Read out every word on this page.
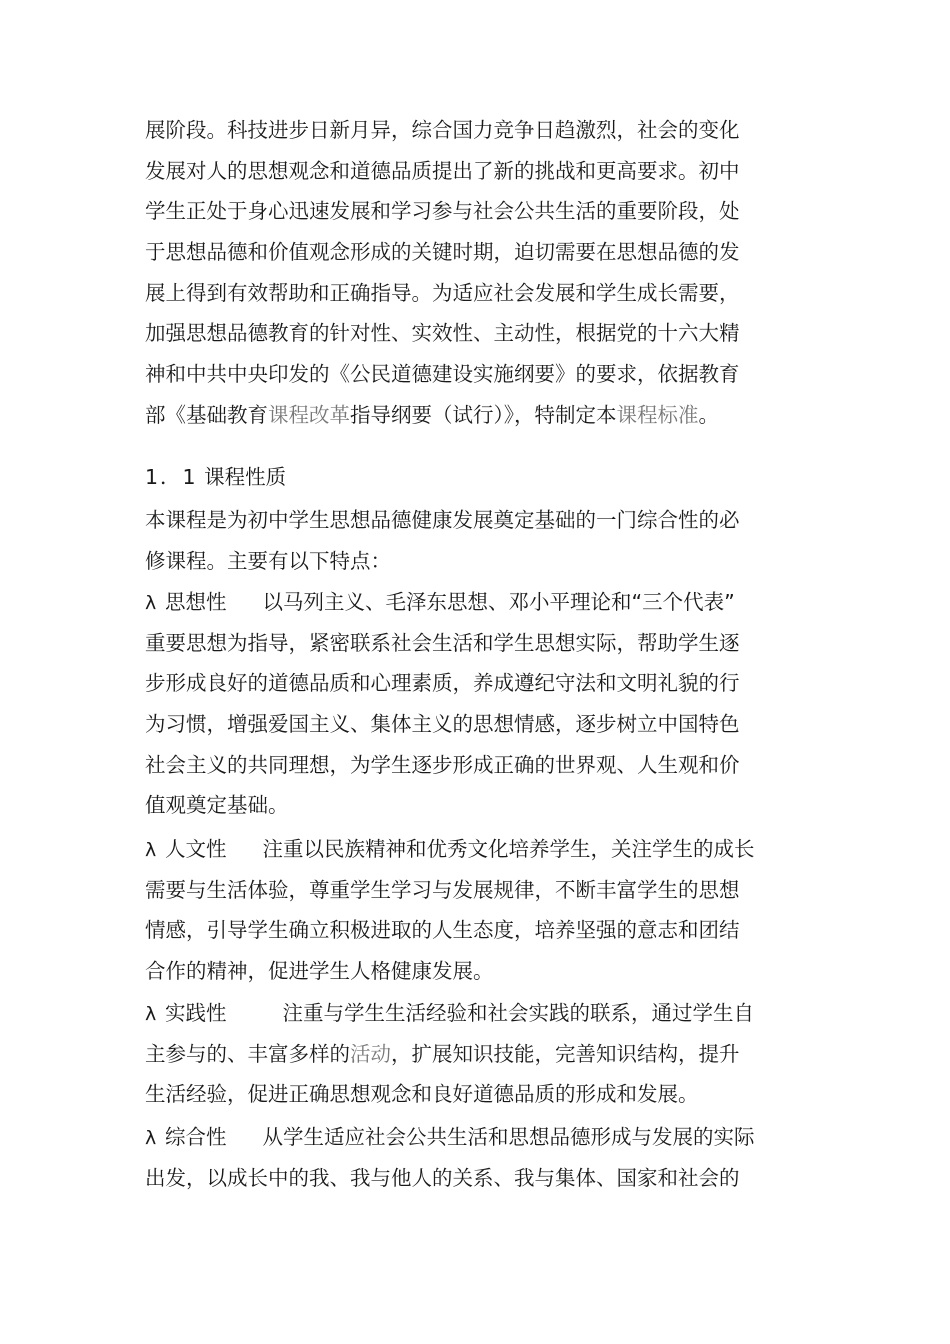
展阶段。科技进步日新月异，综合国力竞争日趋激烈，社会的变化
发展对人的思想观念和道德品质提出了新的挑战和更高要求。初中
学生正处于身心迅速发展和学习参与社会公共生活的重要阶段，处
于思想品德和价值观念形成的关键时期，迫切需要在思想品德的发
展上得到有效帮助和正确指导。为适应社会发展和学生成长需要，
加强思想品德教育的针对性、实效性、主动性，根据党的十六大精
神和中共中央印发的《公民道德建设实施纲要》的要求，依据教育
部《基础教育课程改革指导纲要（试行）》，特制定本课程标准。
1．1 课程性质
本课程是为初中学生思想品德健康发展奠定基础的一门综合性的必
修课程。主要有以下特点：
λ 思想性 以马列主义、毛泽东思想、邓小平理论和“三个代表”
重要思想为指导，紧密联系社会生活和学生思想实际，帮助学生逐
步形成良好的道德品质和心理素质，养成遵纪守法和文明礼貌的行
为习惯，增强爱国主义、集体主义的思想情感，逐步树立中国特色
社会主义的共同理想，为学生逐步形成正确的世界观、人生观和价
值观奠定基础。
λ 人文性 注重以民族精神和优秀文化培养学生，关注学生的成长
需要与生活体验，尊重学生学习与发展规律，不断丰富学生的思想
情感，引导学生确立积极进取的人生态度，培养坚强的意志和团结
合作的精神，促进学生人格健康发展。
λ 实践性	注重与学生生活经验和社会实践的联系，通过学生自
主参与的、丰富多样的活动，扩展知识技能，完善知识结构，提升
生活经验，促进正确思想观念和良好道德品质的形成和发展。
λ 综合性 从学生适应社会公共生活和思想品德形成与发展的实际
出发，以成长中的我、我与他人的关系、我与集体、国家和社会的
